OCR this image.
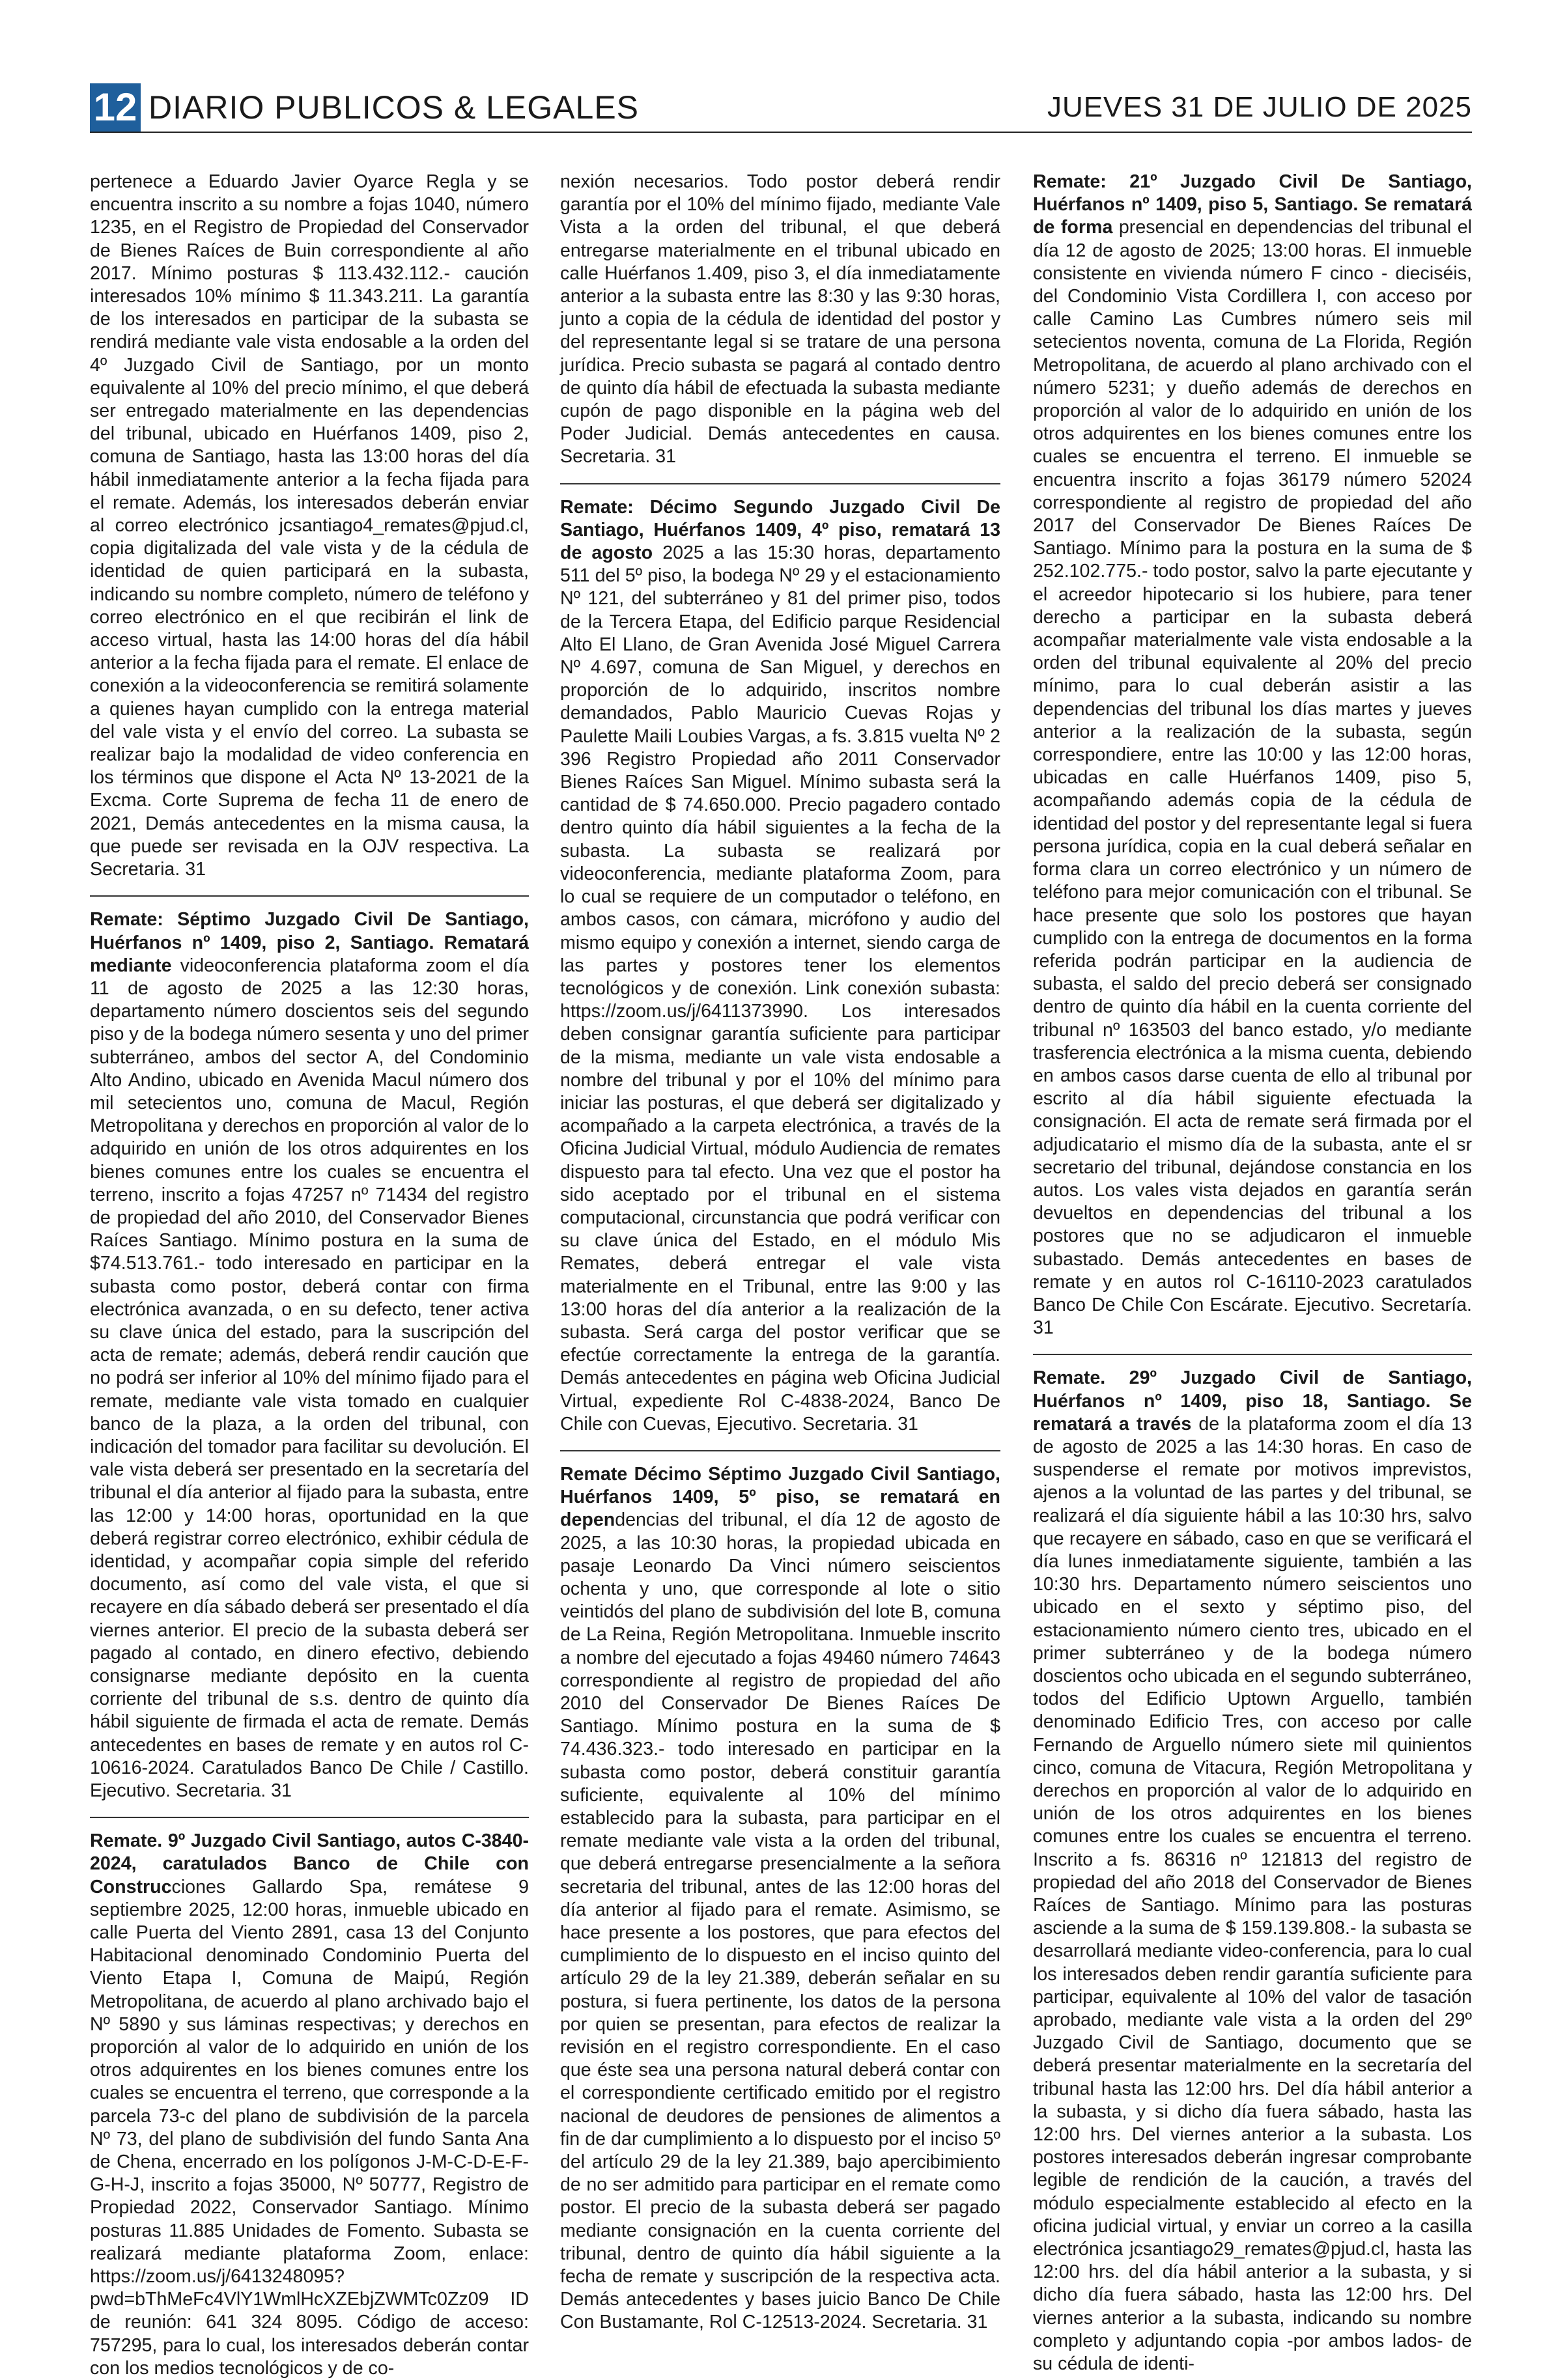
12 DIARIO PUBLICOS & LEGALES	JUEVES 31 DE JULIO DE 2025

pertenece a Eduardo Javier Oyarce Regla y se encuentra inscrito a su nombre a fojas 1040, número 1235, en el Registro de Propiedad del Conservador de Bienes Raíces de Buin correspondiente al año 2017. Mínimo posturas $ 113.432.112.- caución interesados 10% mínimo $ 11.343.211. La garantía de los interesados en participar de la subasta se rendirá mediante vale vista endosable a la orden del 4º Juzgado Civil de Santiago, por un monto equivalente al 10% del precio mínimo, el que deberá ser entregado materialmente en las dependencias del tribunal, ubicado en Huérfanos 1409, piso 2, comuna de Santiago, hasta las 13:00 horas del día hábil inmediatamente anterior a la fecha fijada para el remate. Además, los interesados deberán enviar al correo electrónico jcsantiago4_remates@pjud.cl, copia digitalizada del vale vista y de la cédula de identidad de quien participará en la subasta, indicando su nombre completo, número de teléfono y correo electrónico en el que recibirán el link de acceso virtual, hasta las 14:00 horas del día hábil anterior a la fecha fijada para el remate. El enlace de conexión a la videoconferencia se remitirá solamente a quienes hayan cumplido con la entrega material del vale vista y el envío del correo. La subasta se realizar bajo la modalidad de video conferencia en los términos que dispone el Acta Nº 13-2021 de la Excma. Corte Suprema de fecha 11 de enero de 2021, Demás antecedentes en la misma causa, la que puede ser revisada en la OJV respectiva. La Secretaria. 31

Remate: Séptimo Juzgado Civil De Santiago, Huérfanos nº 1409, piso 2, Santiago. Rematará mediante videoconferencia plataforma zoom el día 11 de agosto de 2025 a las 12:30 horas, departamento número doscientos seis del segundo piso y de la bodega número sesenta y uno del primer subterráneo, ambos del sector A, del Condominio Alto Andino, ubicado en Avenida Macul número dos mil setecientos uno, comuna de Macul, Región Metropolitana y derechos en proporción al valor de lo adquirido en unión de los otros adquirentes en los bienes comunes entre los cuales se encuentra el terreno, inscrito a fojas 47257 nº 71434 del registro de propiedad del año 2010, del Conservador Bienes Raíces Santiago. Mínimo postura en la suma de $74.513.761.- todo interesado en participar en la subasta como postor, deberá contar con firma electrónica avanzada, o en su defecto, tener activa su clave única del estado, para la suscripción del acta de remate; además, deberá rendir caución que no podrá ser inferior al 10% del mínimo fijado para el remate, mediante vale vista tomado en cualquier banco de la plaza, a la orden del tribunal, con indicación del tomador para facilitar su devolución. El vale vista deberá ser presentado en la secretaría del tribunal el día anterior al fijado para la subasta, entre las 12:00 y 14:00 horas, oportunidad en la que deberá registrar correo electrónico, exhibir cédula de identidad, y acompañar copia simple del referido documento, así como del vale vista, el que si recayere en día sábado deberá ser presentado el día viernes anterior. El precio de la subasta deberá ser pagado al contado, en dinero efectivo, debiendo consignarse mediante depósito en la cuenta corriente del tribunal de s.s. dentro de quinto día hábil siguiente de firmada el acta de remate. Demás antecedentes en bases de remate y en autos rol C-10616-2024. Caratulados Banco De Chile / Castillo. Ejecutivo. Secretaria. 31

Remate. 9º Juzgado Civil Santiago, autos C-3840-2024, caratulados Banco de Chile con Construcciones Gallardo Spa, remátese 9 septiembre 2025, 12:00 horas, inmueble ubicado en calle Puerta del Viento 2891, casa 13 del Conjunto Habitacional denominado Condominio Puerta del Viento Etapa I, Comuna de Maipú, Región Metropolitana, de acuerdo al plano archivado bajo el Nº 5890 y sus láminas respectivas; y derechos en proporción al valor de lo adquirido en unión de los otros adquirentes en los bienes comunes entre los cuales se encuentra el terreno, que corresponde a la parcela 73-c del plano de subdivisión de la parcela Nº 73, del plano de subdivisión del fundo Santa Ana de Chena, encerrado en los polígonos J-M-C-D-E-F-G-H-J, inscrito a fojas 35000, Nº 50777, Registro de Propiedad 2022, Conservador Santiago. Mínimo posturas 11.885 Unidades de Fomento. Subasta se realizará mediante plataforma Zoom, enlace: https://zoom.us/j/6413248095?pwd=bThMeFc4VlY1WmlHcXZEbjZWMTc0Zz09 ID de reunión: 641 324 8095. Código de acceso: 757295, para lo cual, los interesados deberán contar con los medios tecnológicos y de co-

nexión necesarios. Todo postor deberá rendir garantía por el 10% del mínimo fijado, mediante Vale Vista a la orden del tribunal, el que deberá entregarse materialmente en el tribunal ubicado en calle Huérfanos 1.409, piso 3, el día inmediatamente anterior a la subasta entre las 8:30 y las 9:30 horas, junto a copia de la cédula de identidad del postor y del representante legal si se tratare de una persona jurídica. Precio subasta se pagará al contado dentro de quinto día hábil de efectuada la subasta mediante cupón de pago disponible en la página web del Poder Judicial. Demás antecedentes en causa. Secretaria. 31

Remate: Décimo Segundo Juzgado Civil De Santiago, Huérfanos 1409, 4º piso, rematará 13 de agosto 2025 a las 15:30 horas, departamento 511 del 5º piso, la bodega Nº 29 y el estacionamiento Nº 121, del subterráneo y 81 del primer piso, todos de la Tercera Etapa, del Edificio parque Residencial Alto El Llano, de Gran Avenida José Miguel Carrera Nº 4.697, comuna de San Miguel, y derechos en proporción de lo adquirido, inscritos nombre demandados, Pablo Mauricio Cuevas Rojas y Paulette Maili Loubies Vargas, a fs. 3.815 vuelta Nº 2 396 Registro Propiedad año 2011 Conservador Bienes Raíces San Miguel. Mínimo subasta será la cantidad de $ 74.650.000. Precio pagadero contado dentro quinto día hábil siguientes a la fecha de la subasta. La subasta se realizará por videoconferencia, mediante plataforma Zoom, para lo cual se requiere de un computador o teléfono, en ambos casos, con cámara, micrófono y audio del mismo equipo y conexión a internet, siendo carga de las partes y postores tener los elementos tecnológicos y de conexión. Link conexión subasta: https://zoom.us/j/6411373990. Los interesados deben consignar garantía suficiente para participar de la misma, mediante un vale vista endosable a nombre del tribunal y por el 10% del mínimo para iniciar las posturas, el que deberá ser digitalizado y acompañado a la carpeta electrónica, a través de la Oficina Judicial Virtual, módulo Audiencia de remates dispuesto para tal efecto. Una vez que el postor ha sido aceptado por el tribunal en el sistema computacional, circunstancia que podrá verificar con su clave única del Estado, en el módulo Mis Remates, deberá entregar el vale vista materialmente en el Tribunal, entre las 9:00 y las 13:00 horas del día anterior a la realización de la subasta. Será carga del postor verificar que se efectúe correctamente la entrega de la garantía. Demás antecedentes en página web Oficina Judicial Virtual, expediente Rol C-4838-2024, Banco De Chile con Cuevas, Ejecutivo. Secretaria. 31

Remate Décimo Séptimo Juzgado Civil Santiago, Huérfanos 1409, 5º piso, se rematará en dependencias del tribunal, el día 12 de agosto de 2025, a las 10:30 horas, la propiedad ubicada en pasaje Leonardo Da Vinci número seiscientos ochenta y uno, que corresponde al lote o sitio veintidós del plano de subdivisión del lote B, comuna de La Reina, Región Metropolitana. Inmueble inscrito a nombre del ejecutado a fojas 49460 número 74643 correspondiente al registro de propiedad del año 2010 del Conservador De Bienes Raíces De Santiago. Mínimo postura en la suma de $ 74.436.323.- todo interesado en participar en la subasta como postor, deberá constituir garantía suficiente, equivalente al 10% del mínimo establecido para la subasta, para participar en el remate mediante vale vista a la orden del tribunal, que deberá entregarse presencialmente a la señora secretaria del tribunal, antes de las 12:00 horas del día anterior al fijado para el remate. Asimismo, se hace presente a los postores, que para efectos del cumplimiento de lo dispuesto en el inciso quinto del artículo 29 de la ley 21.389, deberán señalar en su postura, si fuera pertinente, los datos de la persona por quien se presentan, para efectos de realizar la revisión en el registro correspondiente. En el caso que éste sea una persona natural deberá contar con el correspondiente certificado emitido por el registro nacional de deudores de pensiones de alimentos a fin de dar cumplimiento a lo dispuesto por el inciso 5º del artículo 29 de la ley 21.389, bajo apercibimiento de no ser admitido para participar en el remate como postor. El precio de la subasta deberá ser pagado mediante consignación en la cuenta corriente del tribunal, dentro de quinto día hábil siguiente a la fecha de remate y suscripción de la respectiva acta. Demás antecedentes y bases juicio Banco De Chile Con Bustamante, Rol C-12513-2024. Secretaria. 31

Remate: 21º Juzgado Civil De Santiago, Huérfanos nº 1409, piso 5, Santiago. Se rematará de forma presencial en dependencias del tribunal el día 12 de agosto de 2025; 13:00 horas. El inmueble consistente en vivienda número F cinco - dieciséis, del Condominio Vista Cordillera I, con acceso por calle Camino Las Cumbres número seis mil setecientos noventa, comuna de La Florida, Región Metropolitana, de acuerdo al plano archivado con el número 5231; y dueño además de derechos en proporción al valor de lo adquirido en unión de los otros adquirentes en los bienes comunes entre los cuales se encuentra el terreno. El inmueble se encuentra inscrito a fojas 36179 número 52024 correspondiente al registro de propiedad del año 2017 del Conservador De Bienes Raíces De Santiago. Mínimo para la postura en la suma de $ 252.102.775.- todo postor, salvo la parte ejecutante y el acreedor hipotecario si los hubiere, para tener derecho a participar en la subasta deberá acompañar materialmente vale vista endosable a la orden del tribunal equivalente al 20% del precio mínimo, para lo cual deberán asistir a las dependencias del tribunal los días martes y jueves anterior a la realización de la subasta, según correspondiere, entre las 10:00 y las 12:00 horas, ubicadas en calle Huérfanos 1409, piso 5, acompañando además copia de la cédula de identidad del postor y del representante legal si fuera persona jurídica, copia en la cual deberá señalar en forma clara un correo electrónico y un número de teléfono para mejor comunicación con el tribunal. Se hace presente que solo los postores que hayan cumplido con la entrega de documentos en la forma referida podrán participar en la audiencia de subasta, el saldo del precio deberá ser consignado dentro de quinto día hábil en la cuenta corriente del tribunal nº 163503 del banco estado, y/o mediante trasferencia electrónica a la misma cuenta, debiendo en ambos casos darse cuenta de ello al tribunal por escrito al día hábil siguiente efectuada la consignación. El acta de remate será firmada por el adjudicatario el mismo día de la subasta, ante el sr secretario del tribunal, dejándose constancia en los autos. Los vales vista dejados en garantía serán devueltos en dependencias del tribunal a los postores que no se adjudicaron el inmueble subastado. Demás antecedentes en bases de remate y en autos rol C-16110-2023 caratulados Banco De Chile Con Escárate. Ejecutivo. Secretaría. 31

Remate. 29º Juzgado Civil de Santiago, Huérfanos nº 1409, piso 18, Santiago. Se rematará a través de la plataforma zoom el día 13 de agosto de 2025 a las 14:30 horas. En caso de suspenderse el remate por motivos imprevistos, ajenos a la voluntad de las partes y del tribunal, se realizará el día siguiente hábil a las 10:30 hrs, salvo que recayere en sábado, caso en que se verificará el día lunes inmediatamente siguiente, también a las 10:30 hrs. Departamento número seiscientos uno ubicado en el sexto y séptimo piso, del estacionamiento número ciento tres, ubicado en el primer subterráneo y de la bodega número doscientos ocho ubicada en el segundo subterráneo, todos del Edificio Uptown Arguello, también denominado Edificio Tres, con acceso por calle Fernando de Arguello número siete mil quinientos cinco, comuna de Vitacura, Región Metropolitana y derechos en proporción al valor de lo adquirido en unión de los otros adquirentes en los bienes comunes entre los cuales se encuentra el terreno. Inscrito a fs. 86316 nº 121813 del registro de propiedad del año 2018 del Conservador de Bienes Raíces de Santiago. Mínimo para las posturas asciende a la suma de $ 159.139.808.- la subasta se desarrollará mediante video-conferencia, para lo cual los interesados deben rendir garantía suficiente para participar, equivalente al 10% del valor de tasación aprobado, mediante vale vista a la orden del 29º Juzgado Civil de Santiago, documento que se deberá presentar materialmente en la secretaría del tribunal hasta las 12:00 hrs. Del día hábil anterior a la subasta, y si dicho día fuera sábado, hasta las 12:00 hrs. Del viernes anterior a la subasta. Los postores interesados deberán ingresar comprobante legible de rendición de la caución, a través del módulo especialmente establecido al efecto en la oficina judicial virtual, y enviar un correo a la casilla electrónica jcsantiago29_remates@pjud.cl, hasta las 12:00 hrs. del día hábil anterior a la subasta, y si dicho día fuera sábado, hasta las 12:00 hrs. Del viernes anterior a la subasta, indicando su nombre completo y adjuntando copia -por ambos lados- de su cédula de identi-
